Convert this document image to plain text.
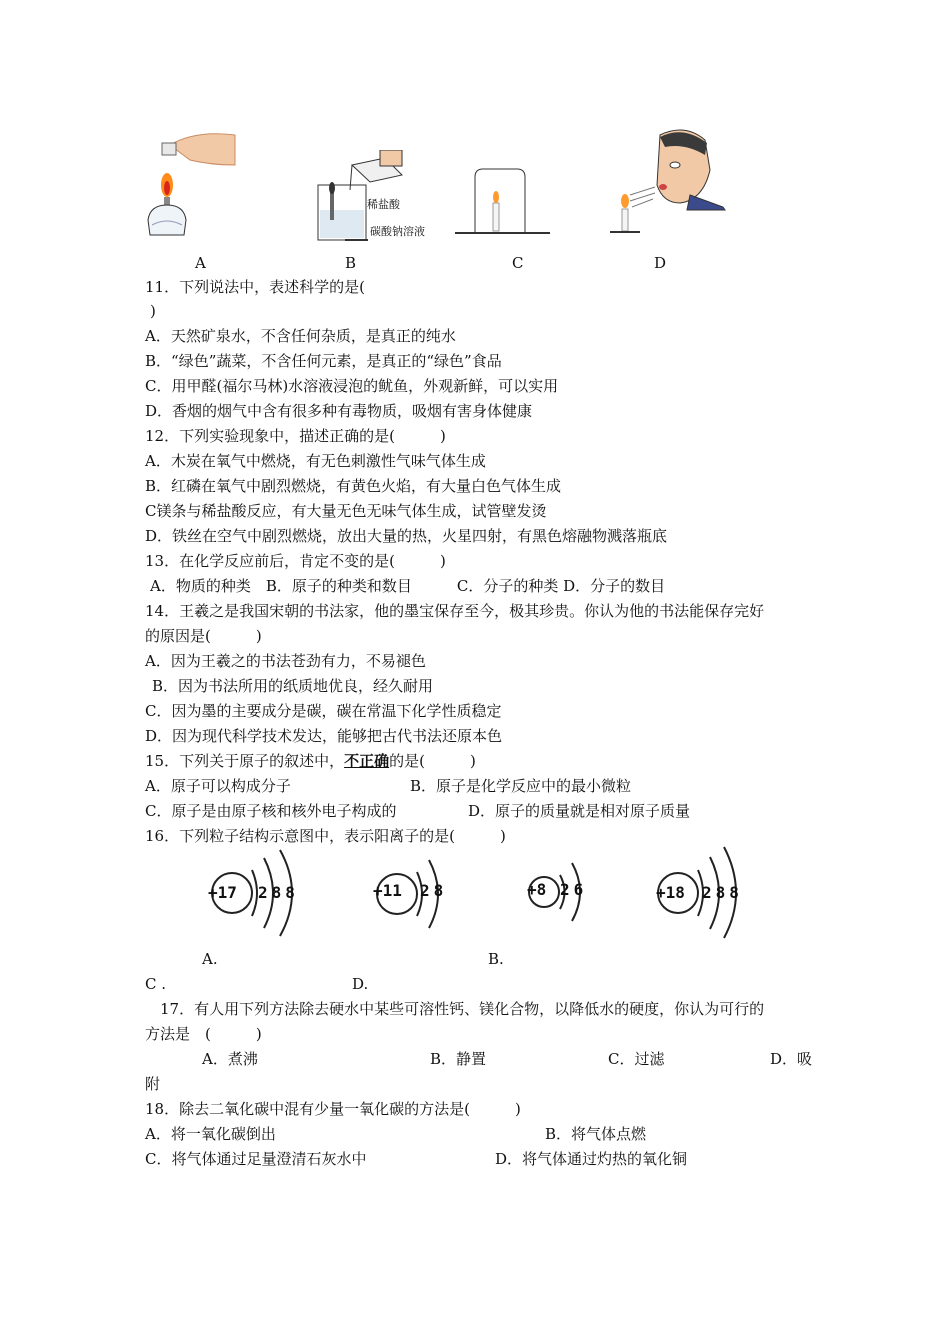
稀盐酸
碳酸钠溶液
A	B	C	D
11．下列说法中，表述科学的是(
)
A．天然矿泉水，不含任何杂质，是真正的纯水
B．“绿色”蔬菜，不含任何元素，是真正的“绿色”食品
C．用甲醛(福尔马林)水溶液浸泡的鱿鱼，外观新鲜，可以实用
D．香烟的烟气中含有很多种有毒物质，吸烟有害身体健康
12．下列实验现象中，描述正确的是(　　　)
A．木炭在氧气中燃烧，有无色刺激性气味气体生成
B．红磷在氧气中剧烈燃烧，有黄色火焰，有大量白色气体生成
C镁条与稀盐酸反应，有大量无色无味气体生成，试管壁发烫
D．铁丝在空气中剧烈燃烧，放出大量的热，火星四射，有黑色熔融物溅落瓶底
13．在化学反应前后，肯定不变的是(　　　)
A．物质的种类　B．原子的种类和数目　　　C．分子的种类 D．分子的数目
14．王羲之是我国宋朝的书法家，他的墨宝保存至今，极其珍贵。你认为他的书法能保存完好
的原因是(　　　)
A．因为王羲之的书法苍劲有力，不易褪色
B．因为书法所用的纸质地优良，经久耐用
C．因为墨的主要成分是碳，碳在常温下化学性质稳定
D．因为现代科学技术发达，能够把古代书法还原本色
15．下列关于原子的叙述中，不正确的是(　　　)
A．原子可以构成分子	B．原子是化学反应中的最小微粒
C．原子是由原子核和核外电子构成的	D．原子的质量就是相对原子质量
16．下列粒子结构示意图中，表示阳离子的是(　　　)
+17 288	+11 28	+8 26	+18 288
A.	B.
C .	D.
17．有人用下列方法除去硬水中某些可溶性钙、镁化合物，以降低水的硬度，你认为可行的
方法是　(　　　)
A．煮沸	B．静置	C．过滤	D．吸
附
18．除去二氧化碳中混有少量一氧化碳的方法是(　　　)
A．将一氧化碳倒出	B．将气体点燃
C．将气体通过足量澄清石灰水中	D．将气体通过灼热的氧化铜
